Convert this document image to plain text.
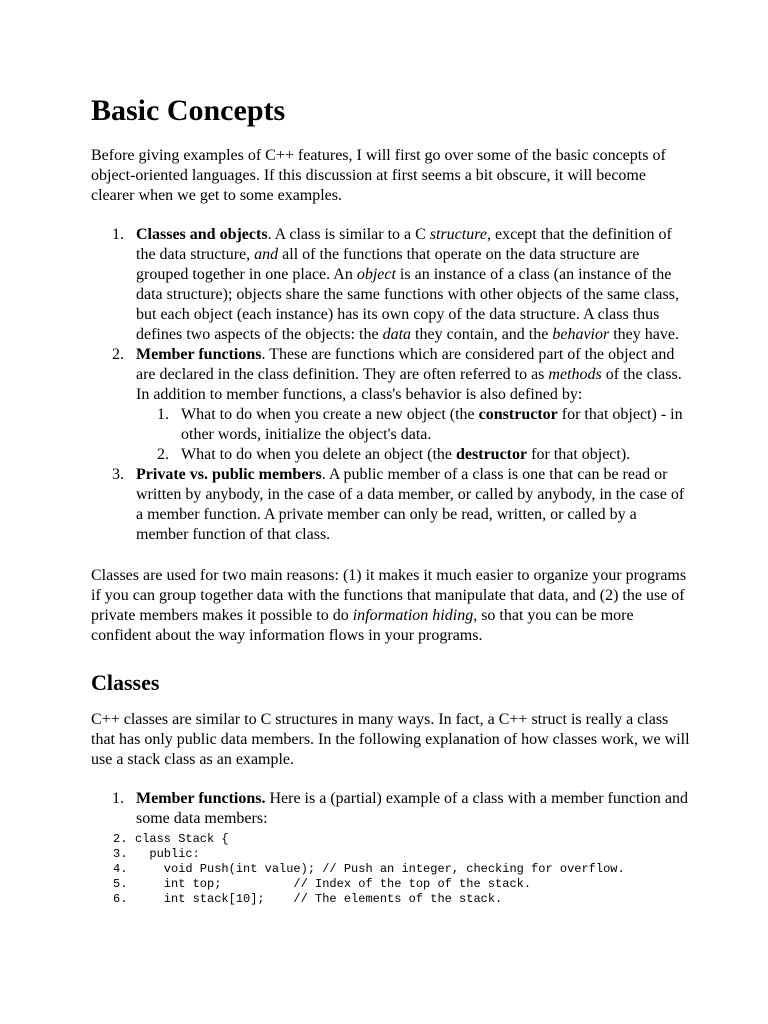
Basic Concepts

Before giving examples of C++ features, I will first go over some of the basic concepts of object-oriented languages. If this discussion at first seems a bit obscure, it will become clearer when we get to some examples.

1. Classes and objects. A class is similar to a C structure, except that the definition of the data structure, and all of the functions that operate on the data structure are grouped together in one place. An object is an instance of a class (an instance of the data structure); objects share the same functions with other objects of the same class, but each object (each instance) has its own copy of the data structure. A class thus defines two aspects of the objects: the data they contain, and the behavior they have.
2. Member functions. These are functions which are considered part of the object and are declared in the class definition. They are often referred to as methods of the class. In addition to member functions, a class's behavior is also defined by:
1. What to do when you create a new object (the constructor for that object) - in other words, initialize the object's data.
2. What to do when you delete an object (the destructor for that object).
3. Private vs. public members. A public member of a class is one that can be read or written by anybody, in the case of a data member, or called by anybody, in the case of a member function. A private member can only be read, written, or called by a member function of that class.

Classes are used for two main reasons: (1) it makes it much easier to organize your programs if you can group together data with the functions that manipulate that data, and (2) the use of private members makes it possible to do information hiding, so that you can be more confident about the way information flows in your programs.

Classes

C++ classes are similar to C structures in many ways. In fact, a C++ struct is really a class that has only public data members. In the following explanation of how classes work, we will use a stack class as an example.

1. Member functions. Here is a (partial) example of a class with a member function and some data members:
2. class Stack {
3.  public:
4.    void Push(int value); // Push an integer, checking for overflow.
5.    int top;          // Index of the top of the stack.
6.    int stack[10];    // The elements of the stack.
